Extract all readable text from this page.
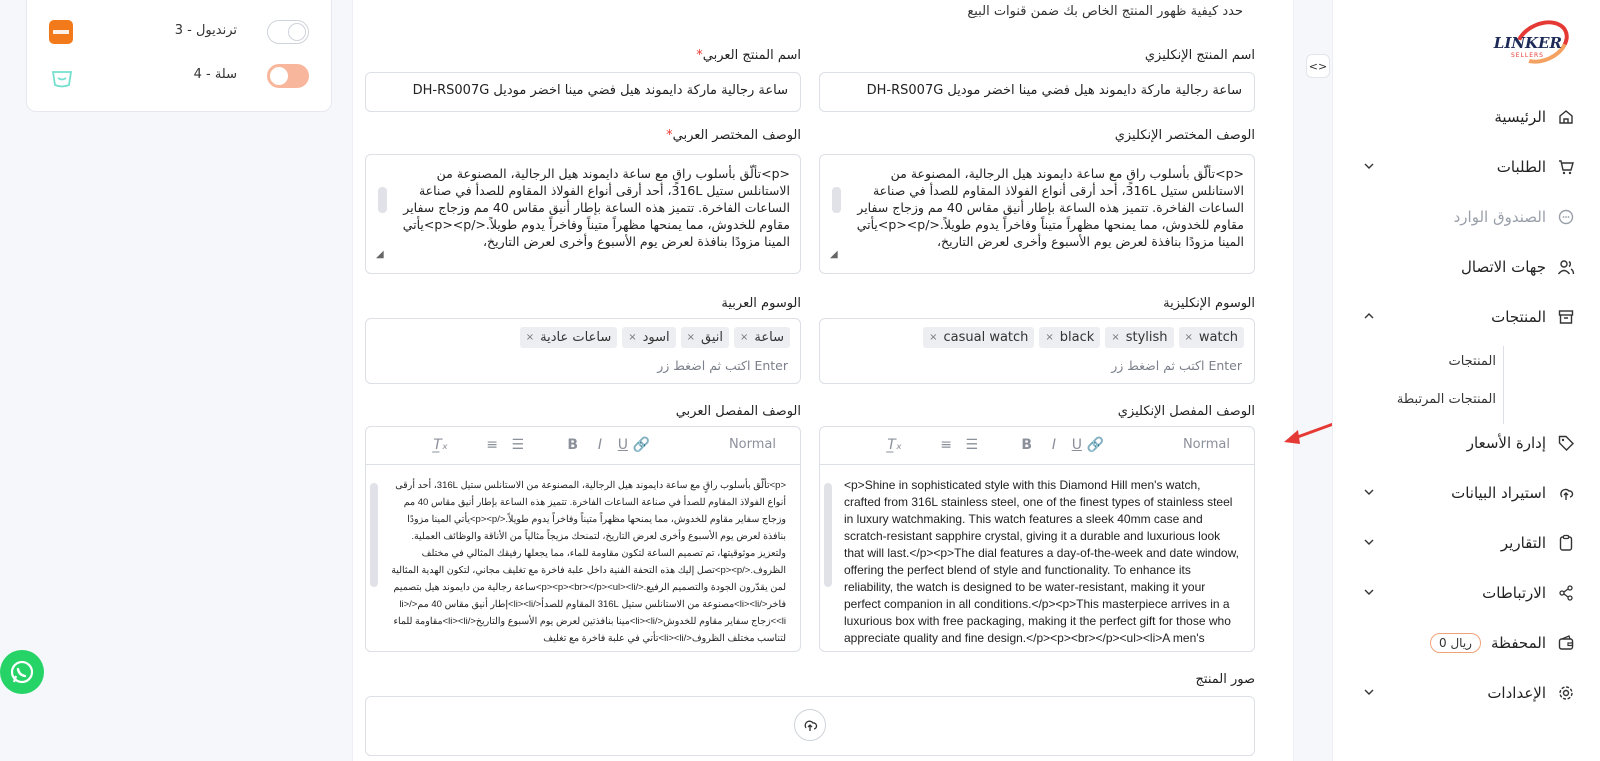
ترنديول - 3
سلة - 4
حدد كيفية ظهور المنتج الخاص بك ضمن قنوات البيع
اسم المنتج الإنكليزي
*اسم المنتج العربي
ساعة رجالية ماركة دايموند هيل فضي مينا اخضر موديل DH-RS007G
ساعة رجالية ماركة دايموند هيل فضي مينا اخضر موديل DH-RS007G
الوصف المختصر الإنكليزي
*الوصف المختصر العربي
<p>تألّق بأسلوب راقٍ مع ساعة دايموند هيل الرجالية، المصنوعة من الاستانلس ستيل 316L، أحد أرقى أنواع الفولاذ المقاوم للصدأ في صناعة الساعات الفاخرة. تتميز هذه الساعة بإطار أنيق مقاس 40 مم وزجاج سفاير مقاوم للخدوش، مما يمنحها مظهراً متيناً وفاخراً يدوم طويلاً.</p><p>يأتي المينا مزودًا بنافذة لعرض يوم الأسبوع وأخرى لعرض التاريخ،
◢
<p>تألّق بأسلوب راقٍ مع ساعة دايموند هيل الرجالية، المصنوعة من الاستانلس ستيل 316L، أحد أرقى أنواع الفولاذ المقاوم للصدأ في صناعة الساعات الفاخرة. تتميز هذه الساعة بإطار أنيق مقاس 40 مم وزجاج سفاير مقاوم للخدوش، مما يمنحها مظهراً متيناً وفاخراً يدوم طويلاً.</p><p>يأتي المينا مزودًا بنافذة لعرض يوم الأسبوع وأخرى لعرض التاريخ،
◢
الوسوم الإنكليزية
الوسوم العربية
watch
×
stylish
×
black
×
casual watch
×
اكتب ثم اضغط زر Enter
ساعة
×
انيق
×
اسود
×
ساعات عادية
×
اكتب ثم اضغط زر Enter
الوصف المفصل الإنكليزي
الوصف المفصل العربي
Normal
🔗
U
I
B
☰
≡
T̲ₓ
<p>Shine in sophisticated style with this Diamond Hill men's watch, crafted from 316L stainless steel, one of the finest types of stainless steel in luxury watchmaking. This watch features a sleek 40mm case and scratch-resistant sapphire crystal, giving it a durable and luxurious look that will last.</p><p>The dial features a day-of-the-week and date window, offering the perfect blend of style and functionality. To enhance its reliability, the watch is designed to be water-resistant, making it your perfect companion in all conditions.</p><p>This masterpiece arrives in a luxurious box with free packaging, making it the perfect gift for those who appreciate quality and fine design.</p><p><br></p><ul><li>A men's
Normal
🔗
U
I
B
☰
≡
T̲ₓ
<p>تألّق بأسلوب راقٍ مع ساعة دايموند هيل الرجالية، المصنوعة من الاستانلس ستيل 316L، أحد أرقى أنواع الفولاذ المقاوم للصدأ في صناعة الساعات الفاخرة. تتميز هذه الساعة بإطار أنيق مقاس 40 مم وزجاج سفاير مقاوم للخدوش، مما يمنحها مظهراً متيناً وفاخراً يدوم طويلاً.</p><p>يأتي المينا مزودًا بنافذة لعرض يوم الأسبوع وأخرى لعرض التاريخ، لتمنحك مزيجاً مثالياً من الأناقة والوظائف العملية. ولتعزيز موثوقيتها، تم تصميم الساعة لتكون مقاومة للماء، مما يجعلها رفيقك المثالي في مختلف الظروف.</p><p>تصل إليك هذه التحفة الفنية داخل علبة فاخرة مع تغليف مجاني، لتكون الهدية المثالية لمن يقدّرون الجودة والتصميم الرفيع.</p><p><br></p><ul><li>ساعة رجالية من دايموند هيل بتصميم فاخر</li><li>مصنوعة من الاستانلس ستيل 316L المقاوم للصدأ</li><li>إطار أنيق مقاس 40 مم</li><li>زجاج سفاير مقاوم للخدوش</li><li>مينا بنافذتين لعرض يوم الأسبوع والتاريخ</li><li>مقاومة للماء لتناسب مختلف الظروف</li><li>تأتي في علبة فاخرة مع تغليف
صور المنتج
LINKER
SELLERS
الرئيسية
الطلبات
الصندوق الوارد
جهات الاتصال
المنتجات
المنتجات
المنتجات المرتبطة
إدارة الأسعار
استيراد البيانات
التقارير
الارتباطات
المحفظة
0 ريال
الإعدادات
<>
